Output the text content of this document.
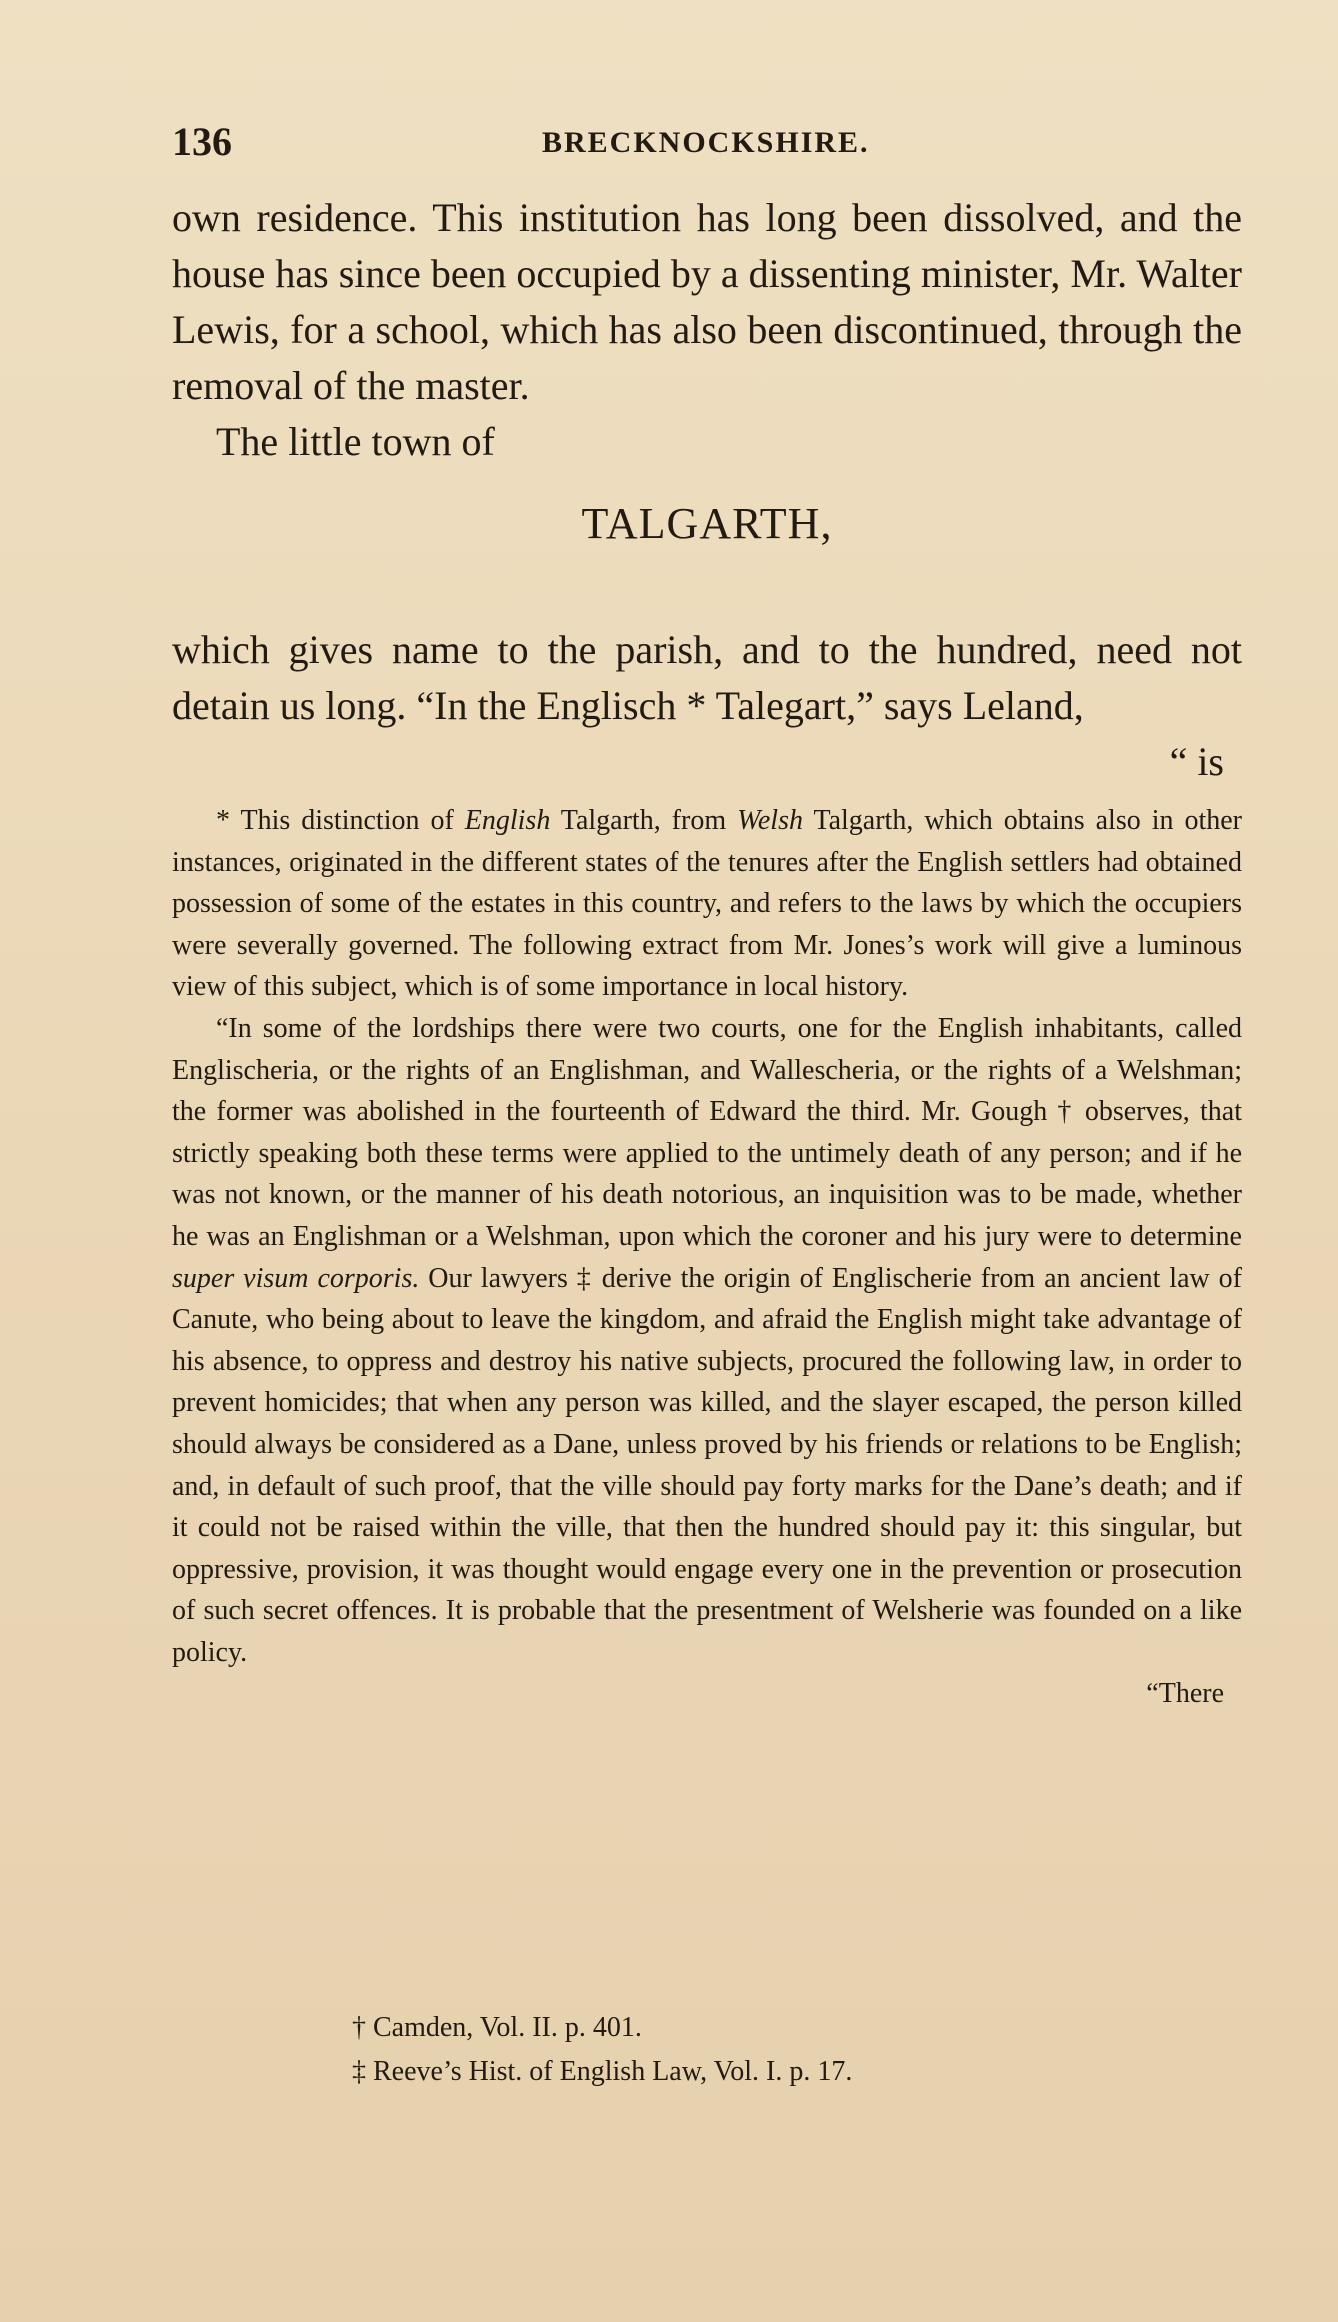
136	BRECKNOCKSHIRE.

own residence. This institution has long been dissolved, and the house has since been occupied by a dissenting minister, Mr. Walter Lewis, for a school, which has also been discontinued, through the removal of the master.

The little town of

TALGARTH,

which gives name to the parish, and to the hundred, need not detain us long. “In the Englisch * Talegart,” says Leland,

“ is

* This distinction of English Talgarth, from Welsh Talgarth, which obtains also in other instances, originated in the different states of the tenures after the English settlers had obtained possession of some of the estates in this country, and refers to the laws by which the occupiers were severally governed. The following extract from Mr. Jones’s work will give a luminous view of this subject, which is of some importance in local history.

“In some of the lordships there were two courts, one for the English inhabitants, called Englischeria, or the rights of an Englishman, and Wallescheria, or the rights of a Welshman; the former was abolished in the fourteenth of Edward the third. Mr. Gough † observes, that strictly speaking both these terms were applied to the untimely death of any person; and if he was not known, or the manner of his death notorious, an inquisition was to be made, whether he was an Englishman or a Welshman, upon which the coroner and his jury were to determine super visum corporis. Our lawyers ‡ derive the origin of Englischerie from an ancient law of Canute, who being about to leave the kingdom, and afraid the English might take advantage of his absence, to oppress and destroy his native subjects, procured the following law, in order to prevent homicides; that when any person was killed, and the slayer escaped, the person killed should always be considered as a Dane, unless proved by his friends or relations to be English; and, in default of such proof, that the ville should pay forty marks for the Dane’s death; and if it could not be raised within the ville, that then the hundred should pay it: this singular, but oppressive, provision, it was thought would engage every one in the prevention or prosecution of such secret offences. It is probable that the presentment of Welsherie was founded on a like policy.

“There

† Camden, Vol. II. p. 401.

‡ Reeve’s Hist. of English Law, Vol. I. p. 17.
